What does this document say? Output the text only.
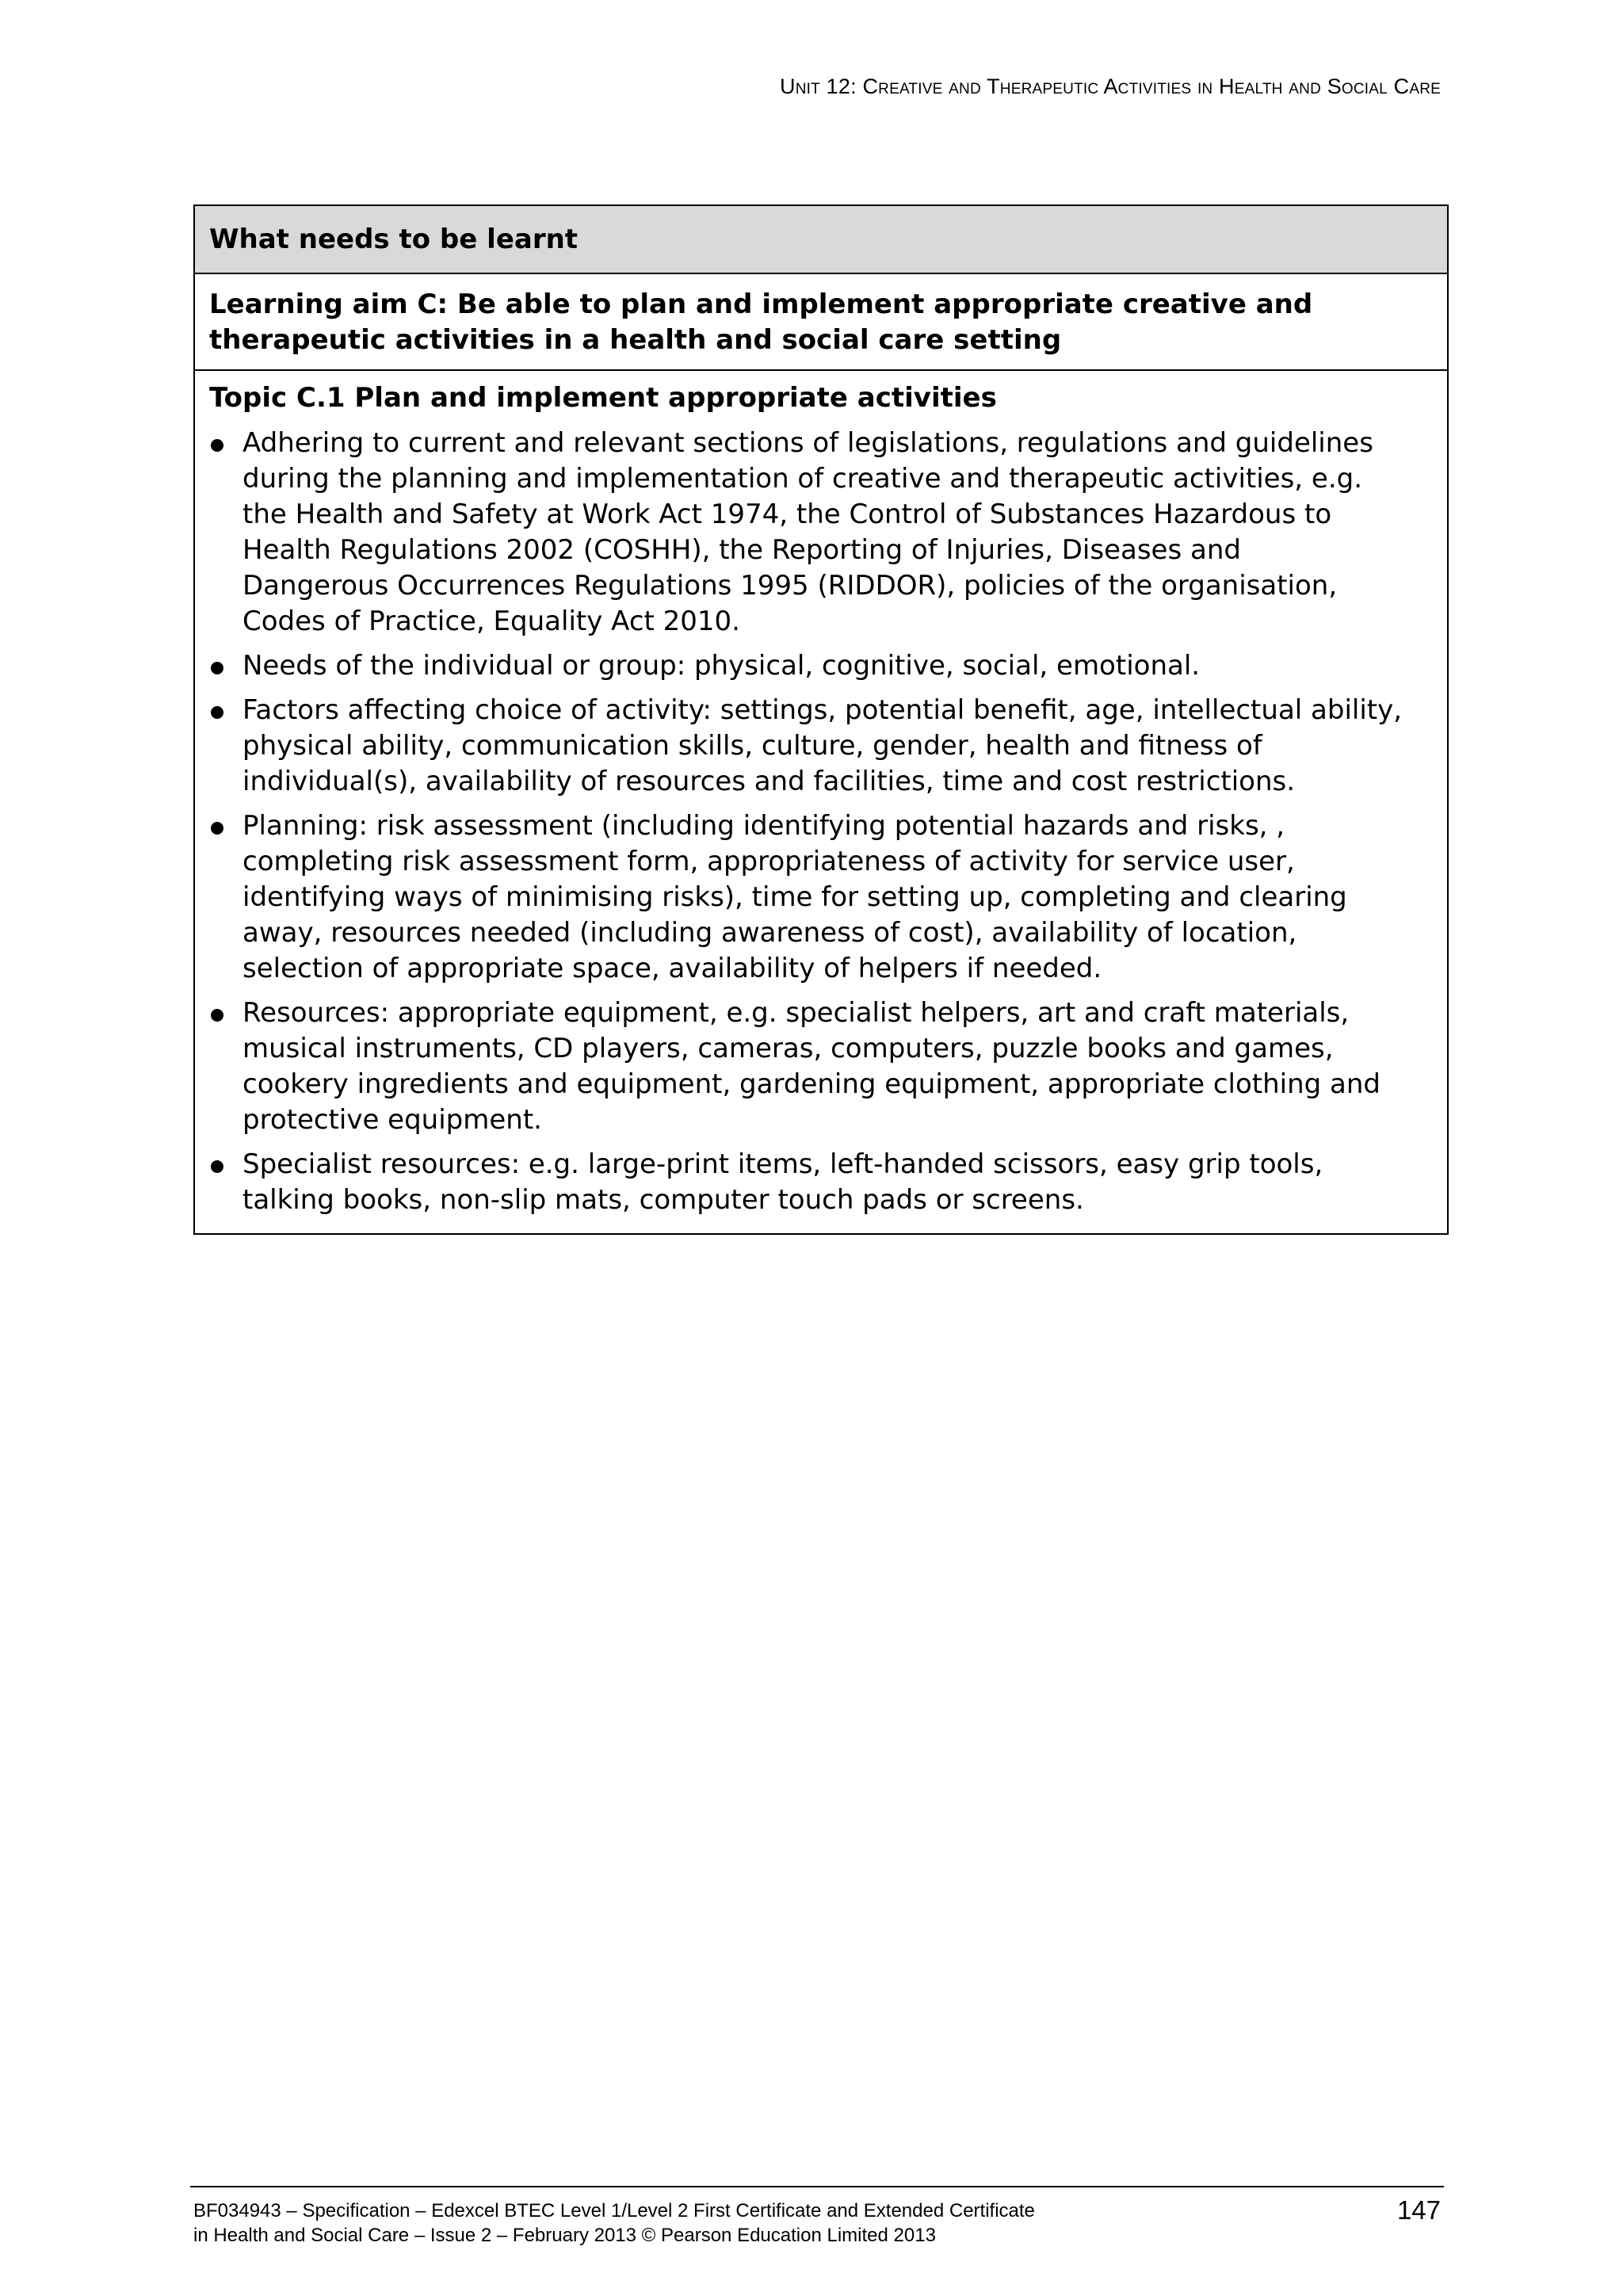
Unit 12: Creative and Therapeutic Activities in Health and Social Care
What needs to be learnt

Learning aim C: Be able to plan and implement appropriate creative and
therapeutic activities in a health and social care setting

Topic C.1 Plan and implement appropriate activities
Adhering to current and relevant sections of legislations, regulations and guidelines
during the planning and implementation of creative and therapeutic activities, e.g.
the Health and Safety at Work Act 1974, the Control of Substances Hazardous to
Health Regulations 2002 (COSHH), the Reporting of Injuries, Diseases and
Dangerous Occurrences Regulations 1995 (RIDDOR), policies of the organisation,
Codes of Practice, Equality Act 2010.
Needs of the individual or group: physical, cognitive, social, emotional.
Factors affecting choice of activity: settings, potential benefit, age, intellectual ability,
physical ability, communication skills, culture, gender, health and fitness of
individual(s), availability of resources and facilities, time and cost restrictions.
Planning: risk assessment (including identifying potential hazards and risks, ,
completing risk assessment form, appropriateness of activity for service user,
identifying ways of minimising risks), time for setting up, completing and clearing
away, resources needed (including awareness of cost), availability of location,
selection of appropriate space, availability of helpers if needed.
Resources: appropriate equipment, e.g. specialist helpers, art and craft materials,
musical instruments, CD players, cameras, computers, puzzle books and games,
cookery ingredients and equipment, gardening equipment, appropriate clothing and
protective equipment.
Specialist resources: e.g. large-print items, left-handed scissors, easy grip tools,
talking books, non-slip mats, computer touch pads or screens.
BF034943 – Specification – Edexcel BTEC Level 1/Level 2 First Certificate and Extended Certificate
in Health and Social Care – Issue 2 – February 2013 © Pearson Education Limited 2013
147
